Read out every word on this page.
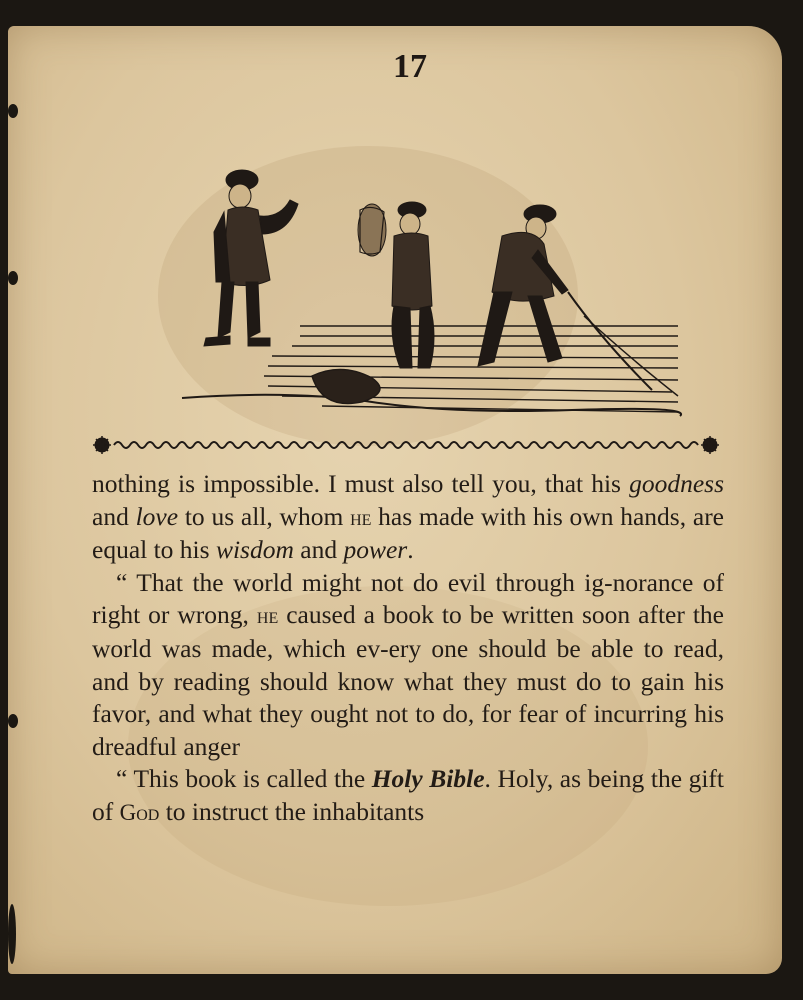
17

nothing is impossible. I must also tell you, that his goodness and love to us all, whom he has made with his own hands, are equal to his wisdom and power.

“ That the world might not do evil through ig-norance of right or wrong, he caused a book to be written soon after the world was made, which ev-ery one should be able to read, and by reading should know what they must do to gain his favor, and what they ought not to do, for fear of incurring his dreadful anger

“ This book is called the Holy Bible. Holy, as being the gift of God to instruct the inhabitants
